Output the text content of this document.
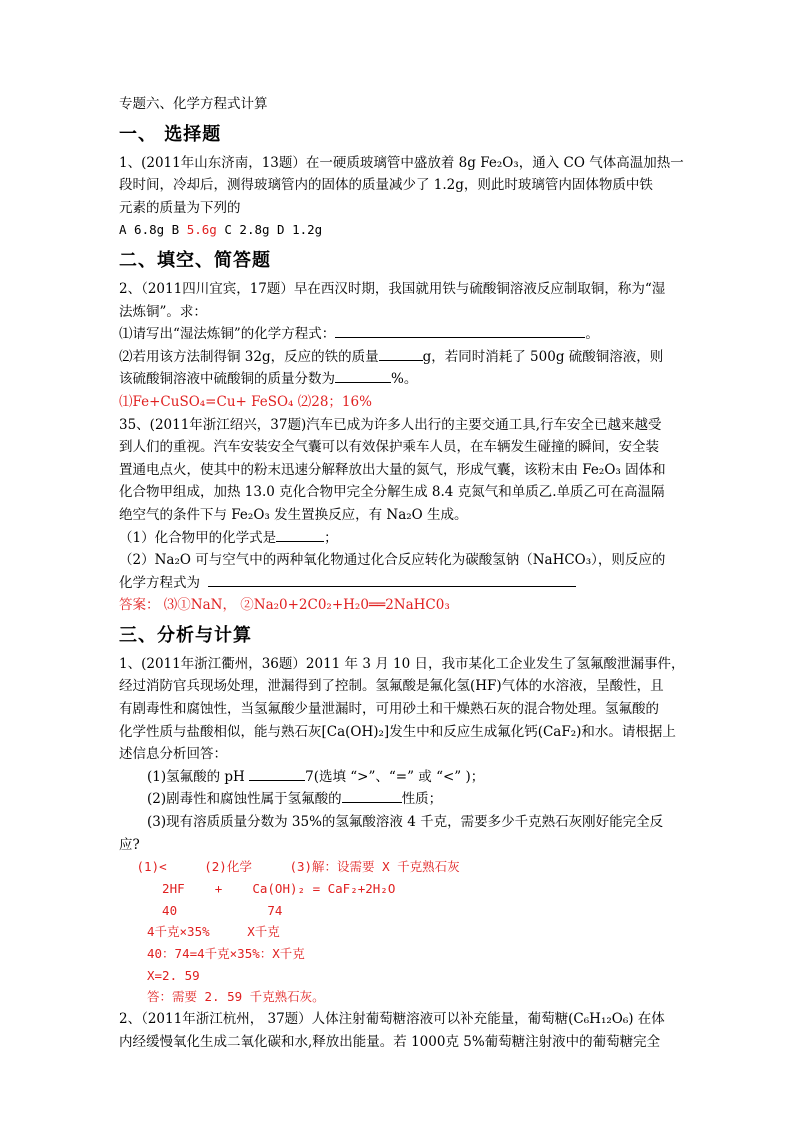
专题六、化学方程式计算
一、 选择题
1、(2011年山东济南，13题）在一硬质玻璃管中盛放着 8g Fe₂O₃，通入 CO 气体高温加热一
段时间，冷却后，测得玻璃管内的固体的质量减少了 1.2g，则此时玻璃管内固体物质中铁
元素的质量为下列的
A 6.8g B 5.6g C 2.8g D 1.2g
二、填空、简答题
2、（2011四川宜宾，17题）早在西汉时期，我国就用铁与硫酸铜溶液反应制取铜，称为“湿
法炼铜”。求：
⑴请写出“湿法炼铜”的化学方程式：	。
⑵若用该方法制得铜 32g，反应的铁的质量	g，若同时消耗了 500g 硫酸铜溶液，则
该硫酸铜溶液中硫酸铜的质量分数为	%。
⑴Fe+CuSO₄=Cu+ FeSO₄ ⑵28；16%
35、(2011年浙江绍兴，37题)汽车已成为许多人出行的主要交通工具,行车安全已越来越受
到人们的重视。汽车安装安全气囊可以有效保护乘车人员，在车辆发生碰撞的瞬间，安全装
置通电点火，使其中的粉末迅速分解释放出大量的氮气，形成气囊，该粉末由 Fe₂O₃ 固体和
化合物甲组成，加热 13.0 克化合物甲完全分解生成 8.4 克氮气和单质乙.单质乙可在高温隔
绝空气的条件下与 Fe₂O₃ 发生置换反应，有 Na₂O 生成。
（1）化合物甲的化学式是	；
（2）Na₂O 可与空气中的两种氧化物通过化合反应转化为碳酸氢钠（NaHCO₃），则反应的
化学方程式为
答案： ⑶①NaN， ②Na₂0+2C0₂+H₂0══2NaHC0₃
三、分析与计算
1、(2011年浙江衢州，36题）2011 年 3 月 10 日，我市某化工企业发生了氢氟酸泄漏事件，
经过消防官兵现场处理，泄漏得到了控制。氢氟酸是氟化氢(HF)气体的水溶液，呈酸性，且
有剧毒性和腐蚀性，当氢氟酸少量泄漏时，可用砂土和干燥熟石灰的混合物处理。氢氟酸的
化学性质与盐酸相似，能与熟石灰[Ca(OH)₂]发生中和反应生成氟化钙(CaF₂)和水。请根据上
述信息分析回答：
(1)氢氟酸的 pH	7(选填 “>”、“=” 或 “<” )；
(2)剧毒性和腐蚀性属于氢氟酸的	性质；
(3)现有溶质质量分数为 35%的氢氟酸溶液 4 千克，需要多少千克熟石灰刚好能完全反
应?
(1)<     (2)化学     (3)解：设需要 X 千克熟石灰
2HF    +    Ca(OH)₂ = CaF₂+2H₂O
40            74
4千克×35%     X千克
40：74=4千克×35%：X千克
X=2. 59
答：需要 2. 59 千克熟石灰。
2、（2011年浙江杭州， 37题）人体注射葡萄糖溶液可以补充能量，葡萄糖(C₆H₁₂O₆) 在体
内经缓慢氧化生成二氧化碳和水,释放出能量。若 1000克 5%葡萄糖注射液中的葡萄糖完全
